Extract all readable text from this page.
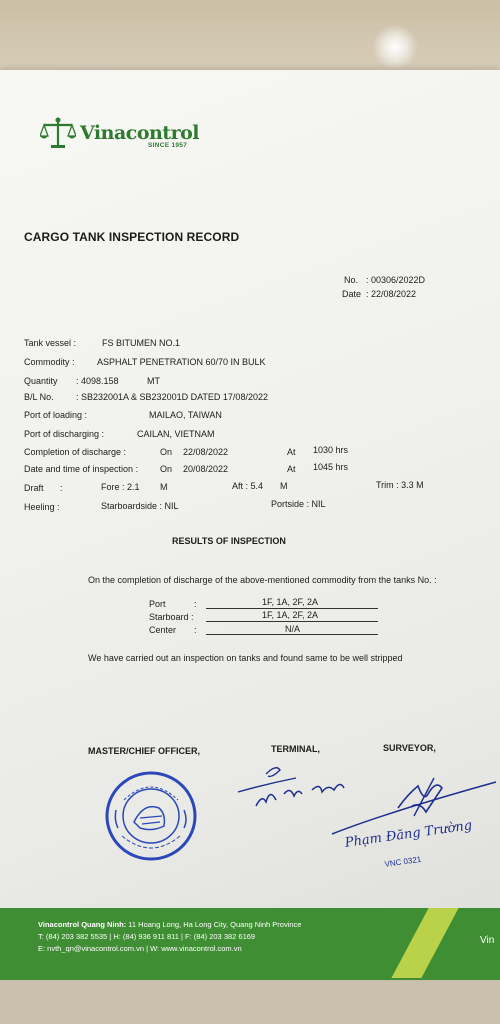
Vinacontrol
SINCE 1957
CARGO TANK INSPECTION RECORD
No. : 00306/2022D
Date : 22/08/2022
Tank vessel :	FS BITUMEN NO.1
Commodity : ASPHALT PENETRATION 60/70 IN BULK
Quantity : 4098.158	MT
B/L No. : SB232001A & SB232001D DATED 17/08/2022
Port of loading :	MAILAO, TAIWAN
Port of discharging :	CAILAN, VIETNAM
Completion of discharge :	On 22/08/2022	At 1030 hrs
Date and time of inspection : On 20/08/2022	At 1045 hrs
Draft :	Fore : 2.1 M	Aft : 5.4 M	Trim : 3.3 M
Heeling :	Starboardside : NIL	Portside : NIL
RESULTS OF INSPECTION
On the completion of discharge of the above-mentioned commodity from the tanks No. :
Port	:	1F, 1A, 2F, 2A
Starboard :	1F, 1A, 2F, 2A
Center :	N/A
We have carried out an inspection on tanks and found same to be well stripped
MASTER/CHIEF OFFICER,	TERMINAL,	SURVEYOR,
Phạm Đăng Trường
VNC 0321
Vinacontrol Quang Ninh: 11 Hoang Long, Ha Long City, Quang Ninh Province
T: (84) 203 382 5535 | H: (84) 936 911 811 | F: (84) 203 382 6169
E: nvth_qn@vinacontrol.com.vn | W: www.vinacontrol.com.vn
Vin
